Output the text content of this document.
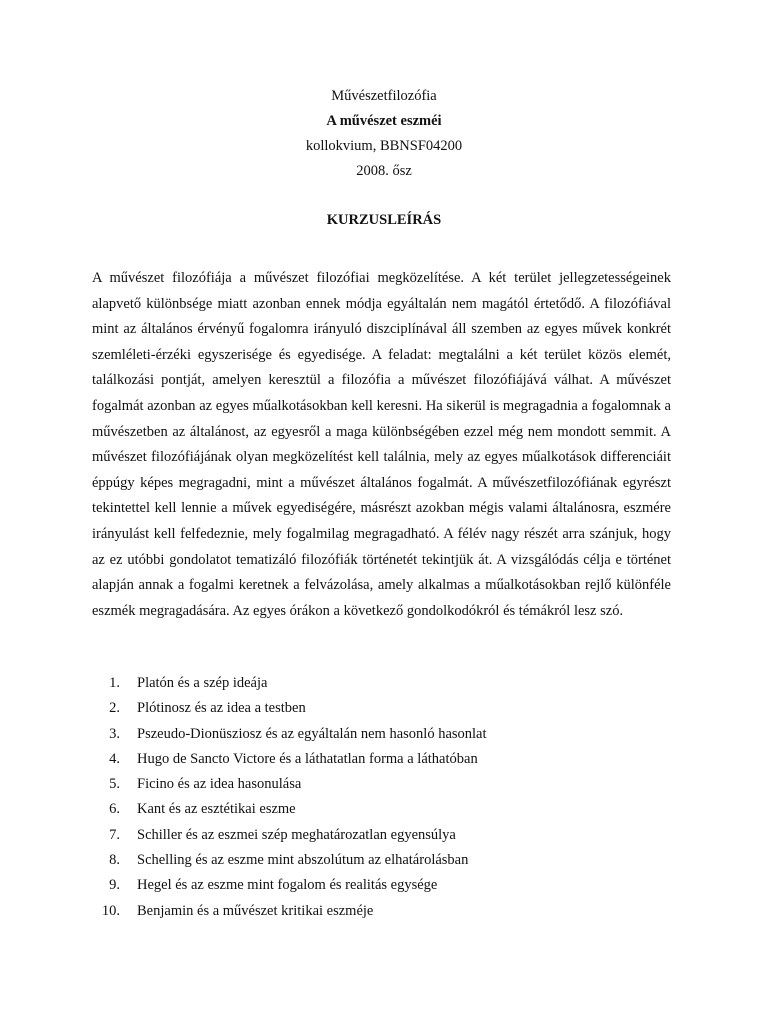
Művészetfilozófia
A művészet eszméi
kollokvium, BBNSF04200
2008. ősz
KURZUSLEÍRÁS

A művészet filozófiája a művészet filozófiai megközelítése. A két terület jellegzetességeinek alapvető különbsége miatt azonban ennek módja egyáltalán nem magától értetődő. A filozófiával mint az általános érvényű fogalomra irányuló diszciplínával áll szemben az egyes művek konkrét szemléleti-érzéki egyszerisége és egyedisége. A feladat: megtalálni a két terület közös elemét, találkozási pontját, amelyen keresztül a filozófia a művészet filozófiájává válhat. A művészet fogalmát azonban az egyes műalkotásokban kell keresni. Ha sikerül is megragadnia a fogalomnak a művészetben az általánost, az egyesről a maga különbségében ezzel még nem mondott semmit. A művészet filozófiájának olyan megközelítést kell találnia, mely az egyes műalkotások differenciáit éppúgy képes megragadni, mint a művészet általános fogalmát. A művészetfilozófiának egyrészt tekintettel kell lennie a művek egyediségére, másrészt azokban mégis valami általánosra, eszmére irányulást kell felfedeznie, mely fogalmilag megragadható. A félév nagy részét arra szánjuk, hogy az ez utóbbi gondolatot tematizáló filozófiák történetét tekintjük át. A vizsgálódás célja e történet alapján annak a fogalmi keretnek a felvázolása, amely alkalmas a műalkotásokban rejlő különféle eszmék megragadására. Az egyes órákon a következő gondolkodókról és témákról lesz szó.

1. Platón és a szép ideája
2. Plótinosz és az idea a testben
3. Pszeudo-Dionüsziosz és az egyáltalán nem hasonló hasonlat
4. Hugo de Sancto Victore és a láthatatlan forma a láthatóban
5. Ficino és az idea hasonulása
6. Kant és az esztétikai eszme
7. Schiller és az eszmei szép meghatározatlan egyensúlya
8. Schelling és az eszme mint abszolútum az elhatárolásban
9. Hegel és az eszme mint fogalom és realitás egysége
10. Benjamin és a művészet kritikai eszméje
